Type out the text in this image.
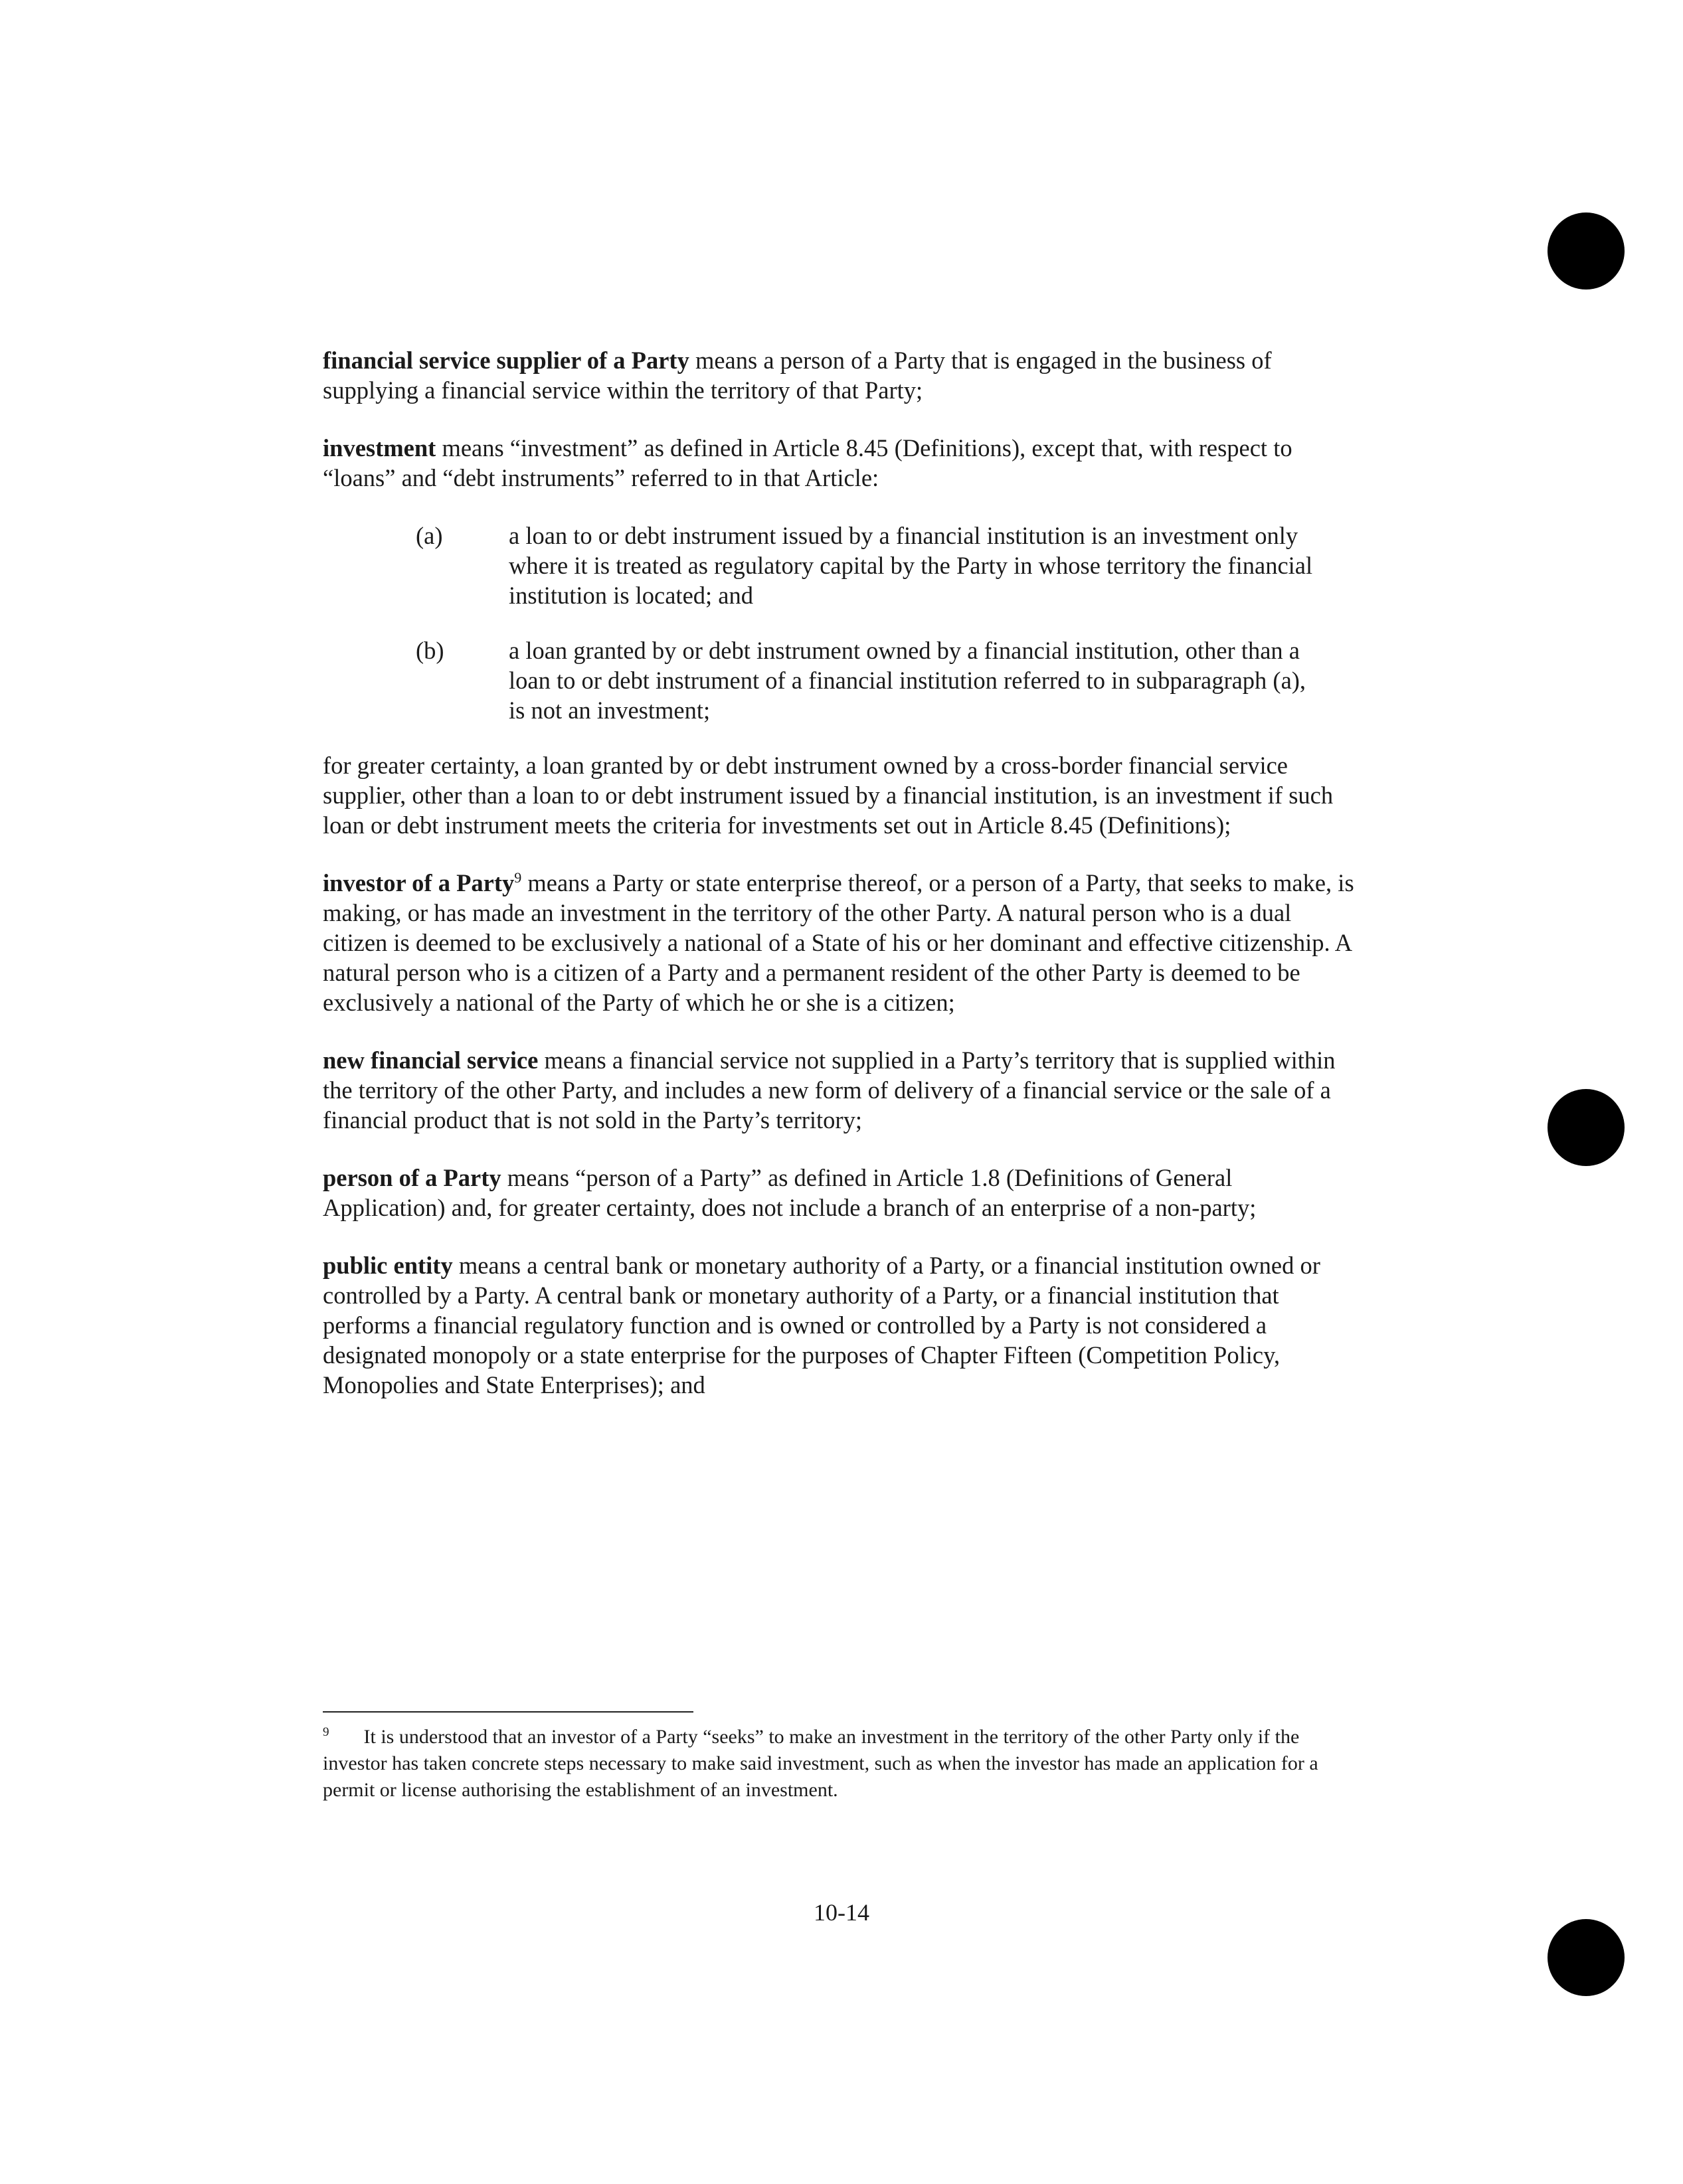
financial service supplier of a Party means a person of a Party that is engaged in the business of supplying a financial service within the territory of that Party;

investment means “investment” as defined in Article 8.45 (Definitions), except that, with respect to “loans” and “debt instruments” referred to in that Article:

(a)	a loan to or debt instrument issued by a financial institution is an investment only where it is treated as regulatory capital by the Party in whose territory the financial institution is located; and
(b)	a loan granted by or debt instrument owned by a financial institution, other than a loan to or debt instrument of a financial institution referred to in subparagraph (a), is not an investment;

for greater certainty, a loan granted by or debt instrument owned by a cross-border financial service supplier, other than a loan to or debt instrument issued by a financial institution, is an investment if such loan or debt instrument meets the criteria for investments set out in Article 8.45 (Definitions);

investor of a Party$^9$ means a Party or state enterprise thereof, or a person of a Party, that seeks to make, is making, or has made an investment in the territory of the other Party. A natural person who is a dual citizen is deemed to be exclusively a national of a State of his or her dominant and effective citizenship. A natural person who is a citizen of a Party and a permanent resident of the other Party is deemed to be exclusively a national of the Party of which he or she is a citizen;

new financial service means a financial service not supplied in a Party’s territory that is supplied within the territory of the other Party, and includes a new form of delivery of a financial service or the sale of a financial product that is not sold in the Party’s territory;

person of a Party means “person of a Party” as defined in Article 1.8 (Definitions of General Application) and, for greater certainty, does not include a branch of an enterprise of a non-party;

public entity means a central bank or monetary authority of a Party, or a financial institution owned or controlled by a Party. A central bank or monetary authority of a Party, or a financial institution that performs a financial regulatory function and is owned or controlled by a Party is not considered a designated monopoly or a state enterprise for the purposes of Chapter Fifteen (Competition Policy, Monopolies and State Enterprises); and

$^9$ It is understood that an investor of a Party “seeks” to make an investment in the territory of the other Party only if the investor has taken concrete steps necessary to make said investment, such as when the investor has made an application for a permit or license authorising the establishment of an investment.
10-14
